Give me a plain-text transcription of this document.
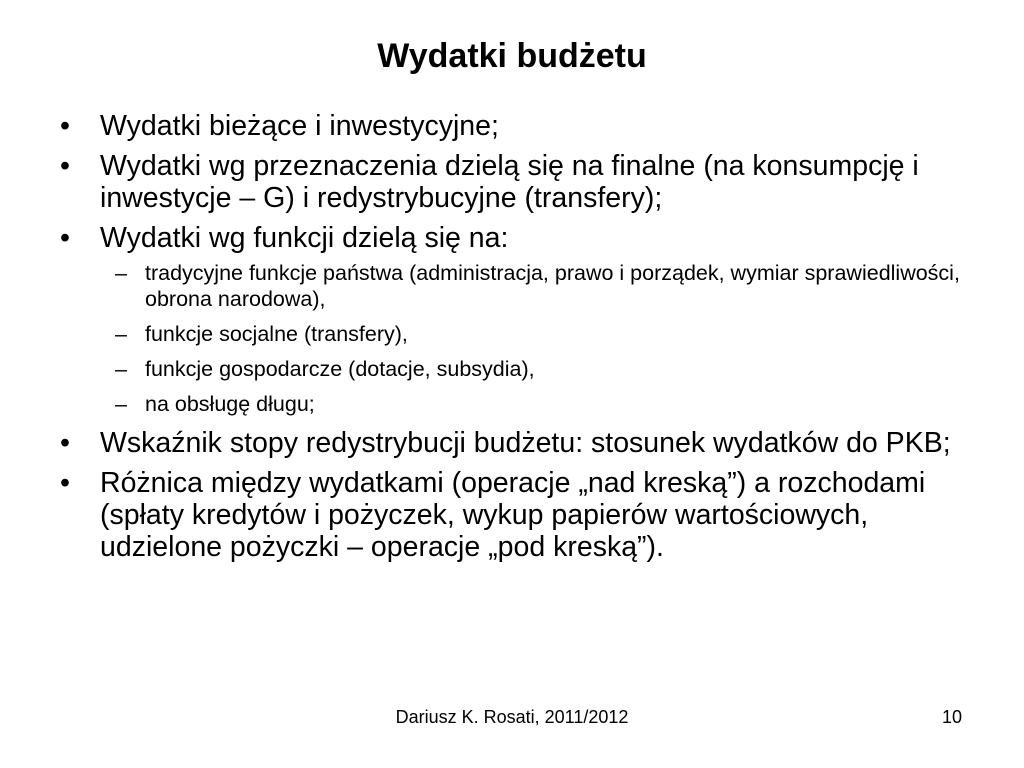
Wydatki budżetu
•	Wydatki bieżące i inwestycyjne;
•	Wydatki wg przeznaczenia dzielą się na finalne (na konsumpcję i inwestycje – G) i redystrybucyjne (transfery);
•	Wydatki wg funkcji dzielą się na:
– tradycyjne funkcje państwa (administracja, prawo i porządek, wymiar sprawiedliwości, obrona narodowa),
– funkcje socjalne (transfery),
– funkcje gospodarcze (dotacje, subsydia),
– na obsługę długu;
•	Wskaźnik stopy redystrybucji budżetu: stosunek wydatków do PKB;
•	Różnica między wydatkami (operacje „nad kreską”) a rozchodami (spłaty kredytów i pożyczek, wykup papierów wartościowych, udzielone pożyczki – operacje „pod kreską”).
Dariusz K. Rosati, 2011/2012	10
